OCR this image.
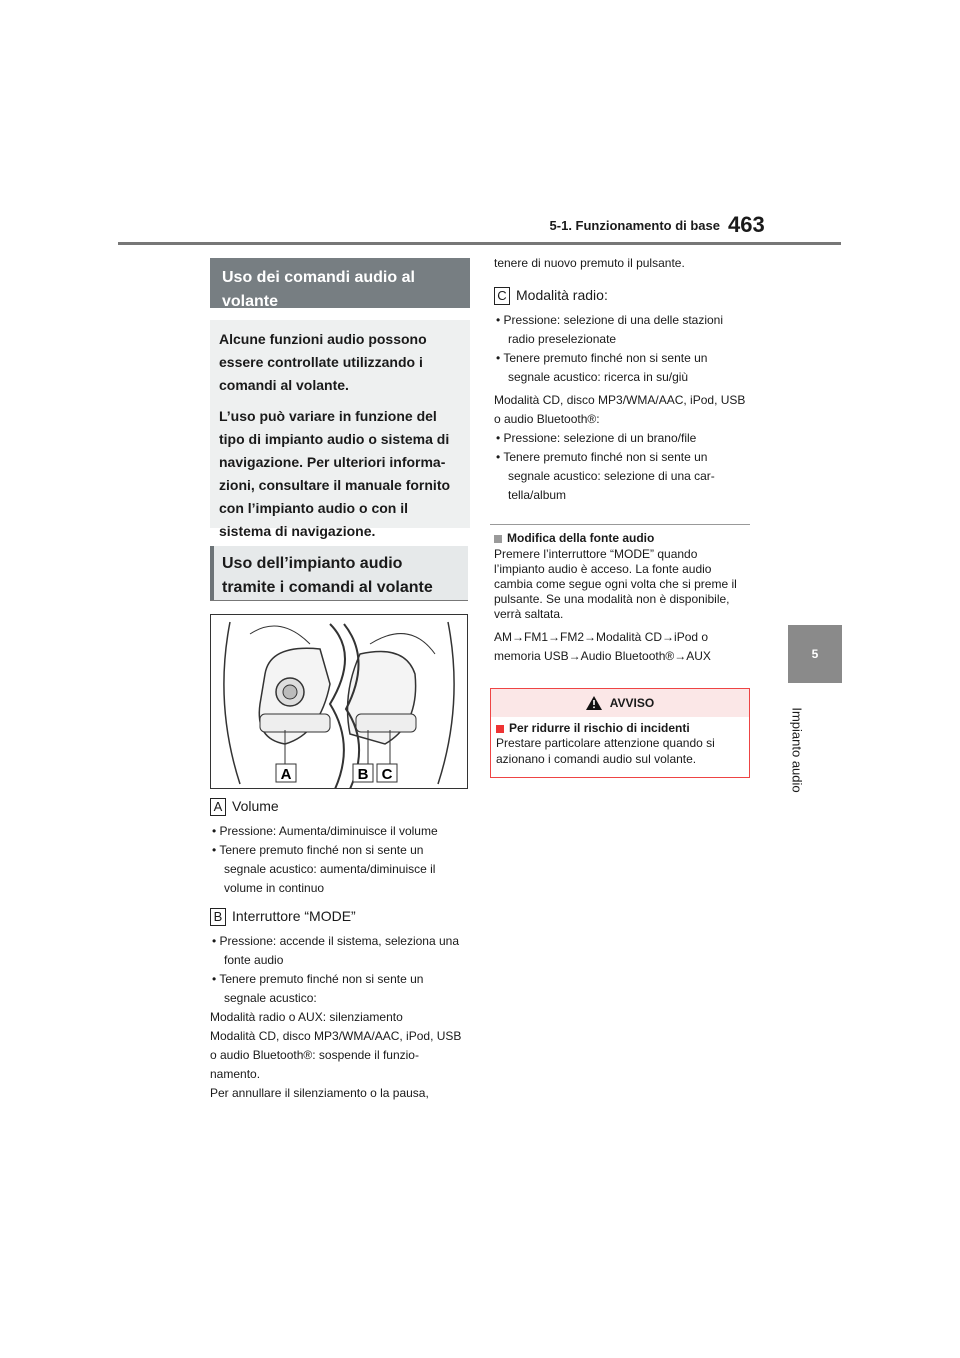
463
5-1. Funzionamento di base
5
Impianto audio
Uso dei comandi audio al volante

Alcune funzioni audio possono essere controllate utilizzando i comandi al volante.

L’uso può variare in funzione del tipo di impianto audio o sistema di navigazione. Per ulteriori informa-zioni, consultare il manuale fornito con l’impianto audio o con il sistema di navigazione.

Uso dell’impianto audio tramite i comandi al volante
A	B C
A Volume
• Pressione: Aumenta/diminuisce il volume
• Tenere premuto finché non si sente un segnale acustico: aumenta/diminuisce il volume in continuo
B Interruttore “MODE”
• Pressione: accende il sistema, seleziona una fonte audio
• Tenere premuto finché non si sente un segnale acustico:
Modalità radio o AUX: silenziamento
Modalità CD, disco MP3/WMA/AAC, iPod, USB o audio Bluetooth®: sospende il funzio-namento.
Per annullare il silenziamento o la pausa,
tenere di nuovo premuto il pulsante.
C Modalità radio:
• Pressione: selezione di una delle stazioni radio preselezionate
• Tenere premuto finché non si sente un segnale acustico: ricerca in su/giù
Modalità CD, disco MP3/WMA/AAC, iPod, USB o audio Bluetooth®:
• Pressione: selezione di un brano/file
• Tenere premuto finché non si sente un segnale acustico: selezione di una car-tella/album
Modifica della fonte audio
Premere l’interruttore “MODE” quando l’impianto audio è acceso. La fonte audio cambia come segue ogni volta che si preme il pulsante. Se una modalità non è disponibile, verrà saltata.
AM→FM1→FM2→Modalità CD→iPod o memoria USB→Audio Bluetooth®→AUX
AVVISO
Per ridurre il rischio di incidenti
Prestare particolare attenzione quando si azionano i comandi audio sul volante.
